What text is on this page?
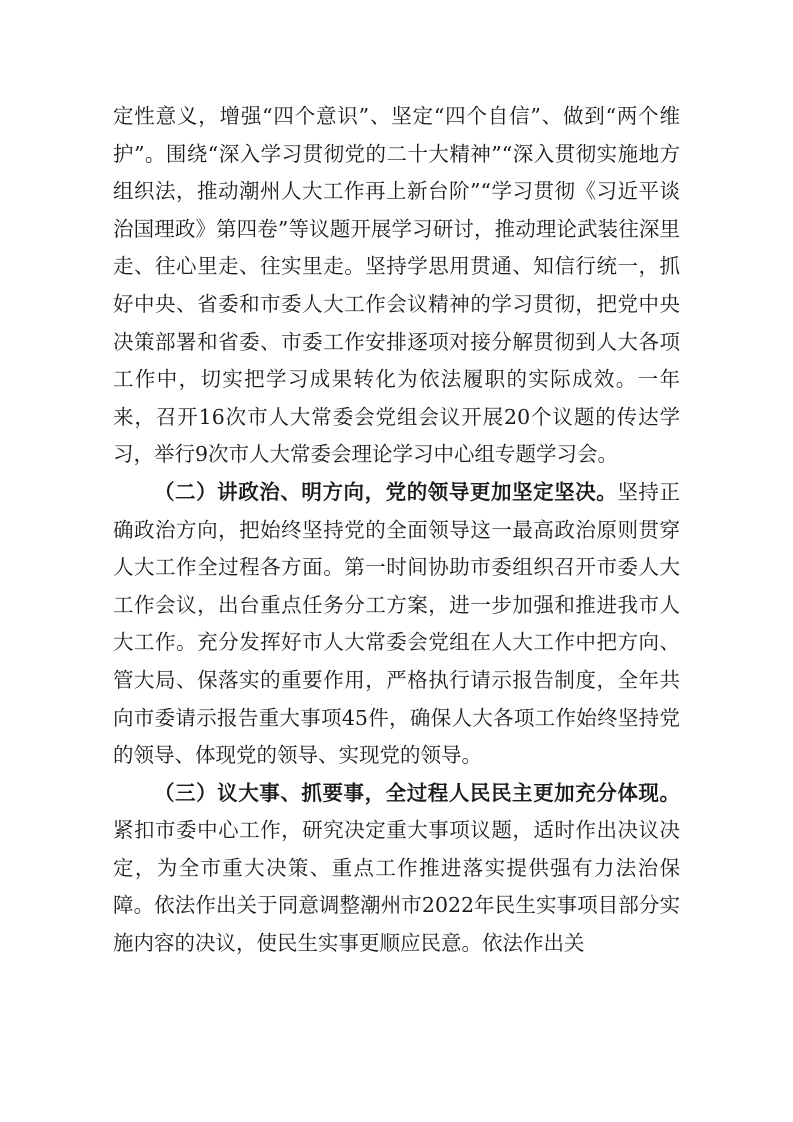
定性意义，增强“四个意识”、坚定“四个自信”、做到“两个维护”。围绕“深入学习贯彻党的二十大精神”“深入贯彻实施地方组织法，推动潮州人大工作再上新台阶”“学习贯彻《习近平谈治国理政》第四卷”等议题开展学习研讨，推动理论武装往深里走、往心里走、往实里走。坚持学思用贯通、知信行统一，抓好中央、省委和市委人大工作会议精神的学习贯彻，把党中央决策部署和省委、市委工作安排逐项对接分解贯彻到人大各项工作中，切实把学习成果转化为依法履职的实际成效。一年来，召开16次市人大常委会党组会议开展20个议题的传达学习，举行9次市人大常委会理论学习中心组专题学习会。

（二）讲政治、明方向，党的领导更加坚定坚决。坚持正确政治方向，把始终坚持党的全面领导这一最高政治原则贯穿人大工作全过程各方面。第一时间协助市委组织召开市委人大工作会议，出台重点任务分工方案，进一步加强和推进我市人大工作。充分发挥好市人大常委会党组在人大工作中把方向、管大局、保落实的重要作用，严格执行请示报告制度，全年共向市委请示报告重大事项45件，确保人大各项工作始终坚持党的领导、体现党的领导、实现党的领导。

（三）议大事、抓要事，全过程人民民主更加充分体现。紧扣市委中心工作，研究决定重大事项议题，适时作出决议决定，为全市重大决策、重点工作推进落实提供强有力法治保障。依法作出关于同意调整潮州市2022年民生实事项目部分实施内容的决议，使民生实事更顺应民意。依法作出关
